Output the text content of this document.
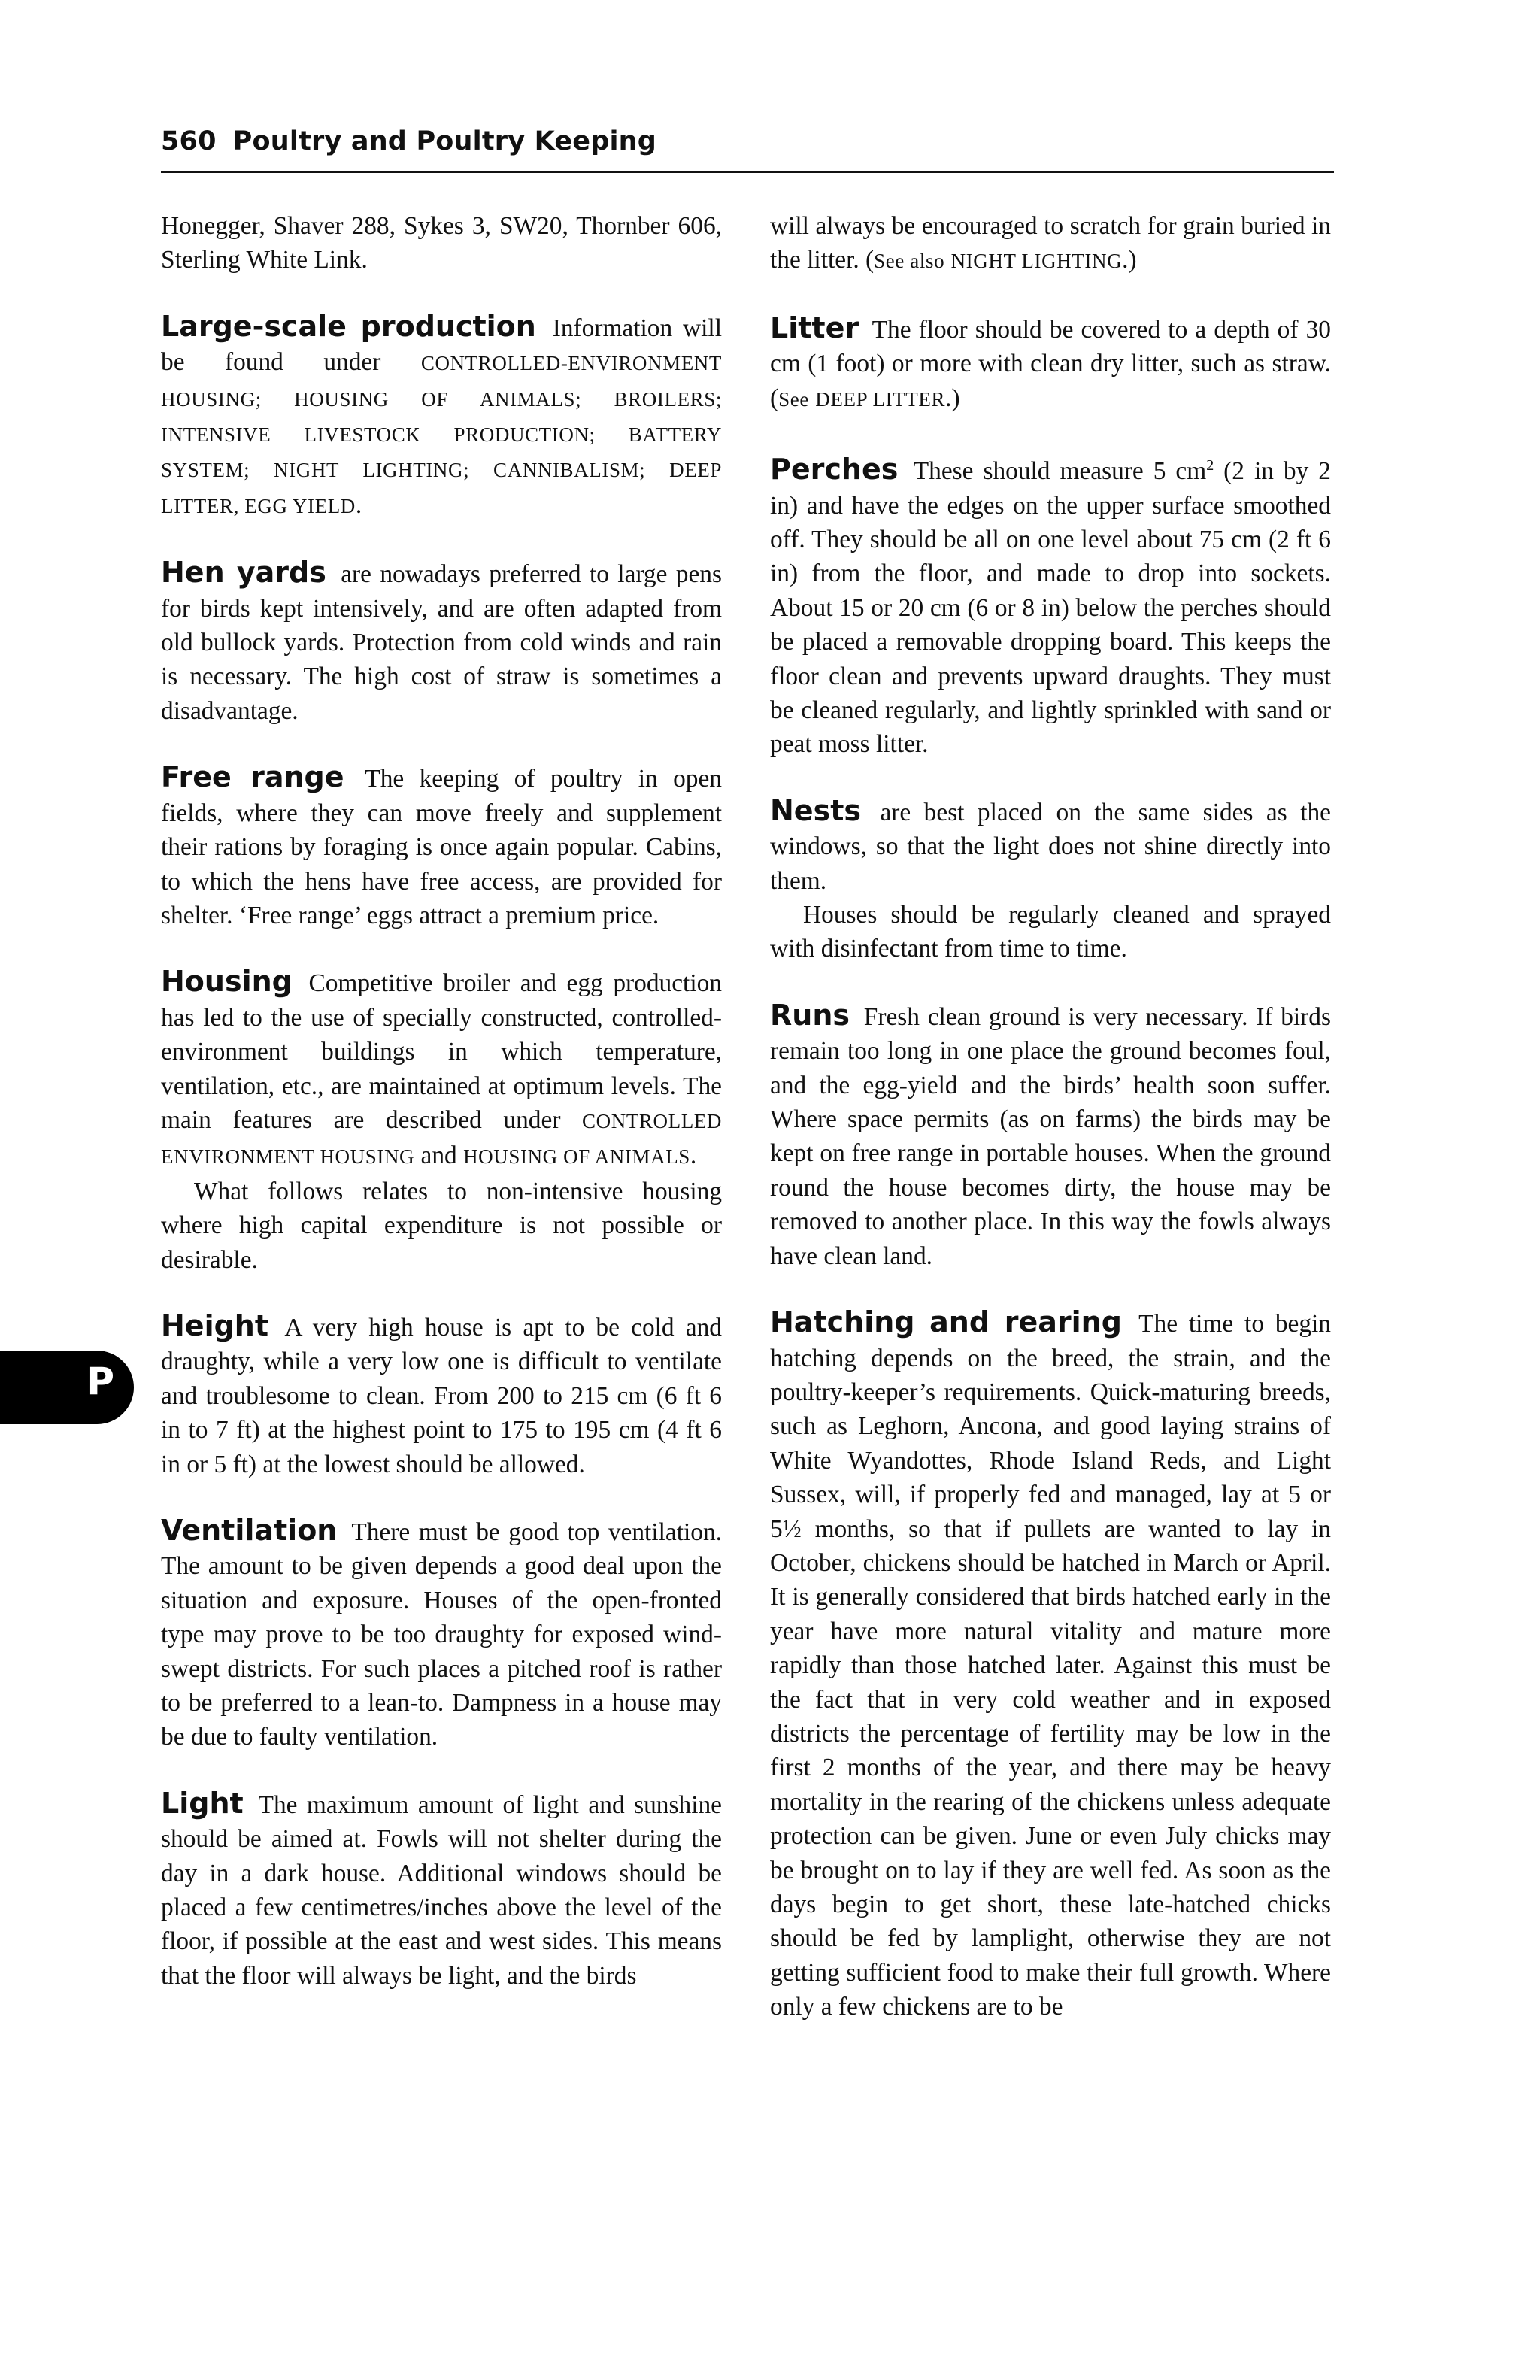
560 Poultry and Poultry Keeping
P

Honegger, Shaver 288, Sykes 3, SW20, Thornber 606, Sterling White Link.

Large-scale production Information will be found under CONTROLLED-ENVIRONMENT HOUSING; HOUSING OF ANIMALS; BROILERS; INTENSIVE LIVESTOCK PRODUCTION; BATTERY SYSTEM; NIGHT LIGHTING; CANNIBALISM; DEEP LITTER, EGG YIELD.

Hen yards are nowadays preferred to large pens for birds kept intensively, and are often adapted from old bullock yards. Protection from cold winds and rain is necessary. The high cost of straw is sometimes a disadvantage.

Free range The keeping of poultry in open fields, where they can move freely and supplement their rations by foraging is once again popular. Cabins, to which the hens have free access, are provided for shelter. ‘Free range’ eggs attract a premium price.

Housing Competitive broiler and egg production has led to the use of specially constructed, controlled-environment buildings in which temperature, ventilation, etc., are maintained at optimum levels. The main features are described under CONTROLLED ENVIRONMENT HOUSING and HOUSING OF ANIMALS.

What follows relates to non-intensive housing where high capital expenditure is not possible or desirable.

Height A very high house is apt to be cold and draughty, while a very low one is difficult to ventilate and troublesome to clean. From 200 to 215 cm (6 ft 6 in to 7 ft) at the highest point to 175 to 195 cm (4 ft 6 in or 5 ft) at the lowest should be allowed.

Ventilation There must be good top ventilation. The amount to be given depends a good deal upon the situation and exposure. Houses of the open-fronted type may prove to be too draughty for exposed wind-swept districts. For such places a pitched roof is rather to be preferred to a lean-to. Dampness in a house may be due to faulty ventilation.

Light The maximum amount of light and sunshine should be aimed at. Fowls will not shelter during the day in a dark house. Additional windows should be placed a few centimetres/inches above the level of the floor, if possible at the east and west sides. This means that the floor will always be light, and the birds

will always be encouraged to scratch for grain buried in the litter. (See also NIGHT LIGHTING.)

Litter The floor should be covered to a depth of 30 cm (1 foot) or more with clean dry litter, such as straw. (See DEEP LITTER.)

Perches These should measure 5 $cm^2$ (2 in by 2 in) and have the edges on the upper surface smoothed off. They should be all on one level about 75 cm (2 ft 6 in) from the floor, and made to drop into sockets. About 15 or 20 cm (6 or 8 in) below the perches should be placed a removable dropping board. This keeps the floor clean and prevents upward draughts. They must be cleaned regularly, and lightly sprinkled with sand or peat moss litter.

Nests are best placed on the same sides as the windows, so that the light does not shine directly into them.

Houses should be regularly cleaned and sprayed with disinfectant from time to time.

Runs Fresh clean ground is very necessary. If birds remain too long in one place the ground becomes foul, and the egg-yield and the birds’ health soon suffer. Where space permits (as on farms) the birds may be kept on free range in portable houses. When the ground round the house becomes dirty, the house may be removed to another place. In this way the fowls always have clean land.

Hatching and rearing The time to begin hatching depends on the breed, the strain, and the poultry-keeper’s requirements. Quick-maturing breeds, such as Leghorn, Ancona, and good laying strains of White Wyandottes, Rhode Island Reds, and Light Sussex, will, if properly fed and managed, lay at 5 or 5½ months, so that if pullets are wanted to lay in October, chickens should be hatched in March or April. It is generally considered that birds hatched early in the year have more natural vitality and mature more rapidly than those hatched later. Against this must be the fact that in very cold weather and in exposed districts the percentage of fertility may be low in the first 2 months of the year, and there may be heavy mortality in the rearing of the chickens unless adequate protection can be given. June or even July chicks may be brought on to lay if they are well fed. As soon as the days begin to get short, these late-hatched chicks should be fed by lamplight, otherwise they are not getting sufficient food to make their full growth. Where only a few chickens are to be
